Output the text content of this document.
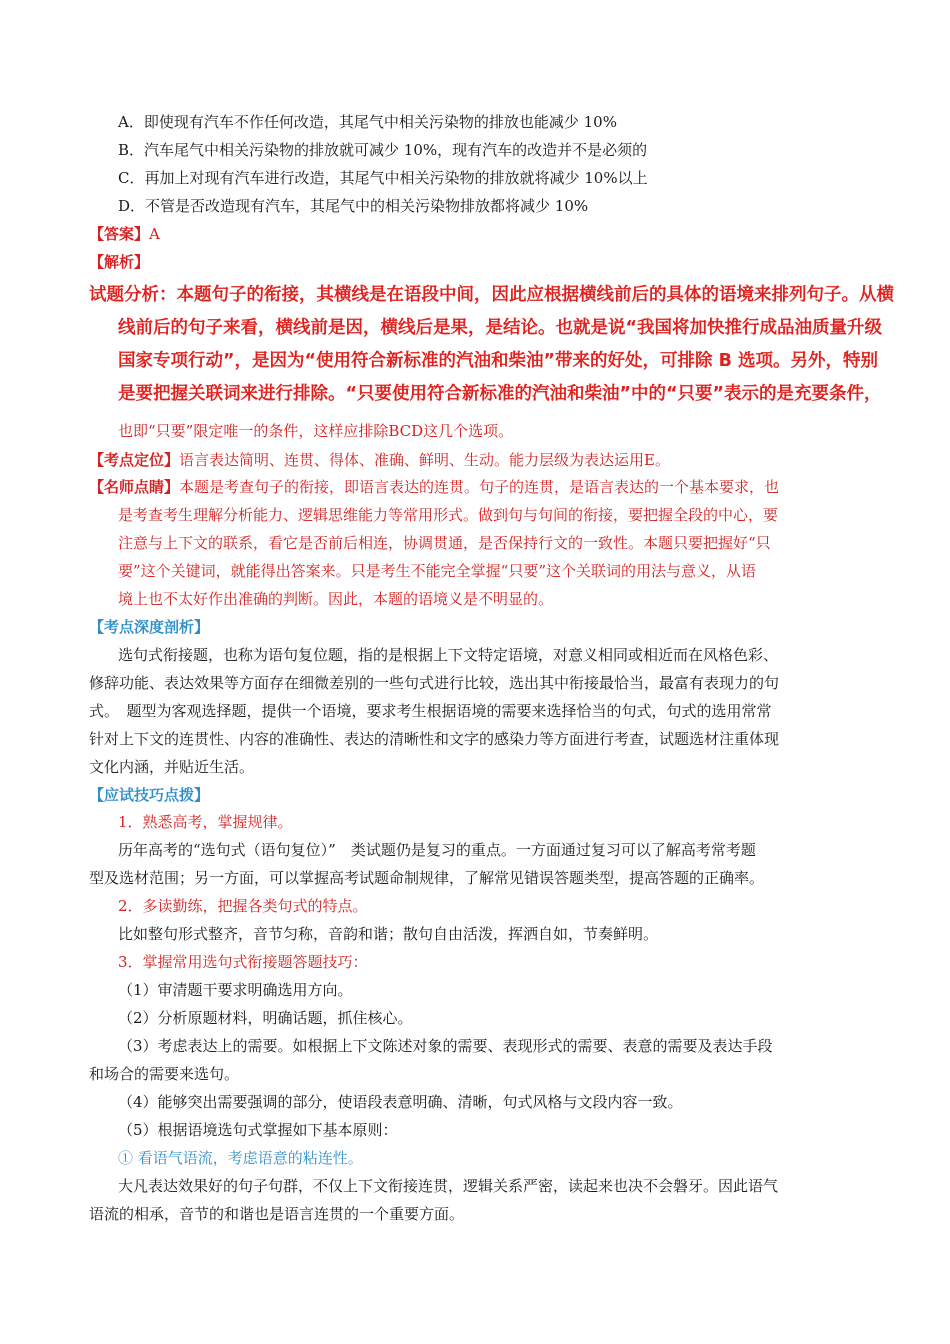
A．即使现有汽车不作任何改造，其尾气中相关污染物的排放也能减少 10%
B．汽车尾气中相关污染物的排放就可减少 10%，现有汽车的改造并不是必须的
C．再加上对现有汽车进行改造，其尾气中相关污染物的排放就将减少 10%以上
D．不管是否改造现有汽车，其尾气中的相关污染物排放都将减少 10%
【答案】A
【解析】
试题分析：本题句子的衔接，其横线是在语段中间，因此应根据横线前后的具体的语境来排列句子。从横
线前后的句子来看，横线前是因，横线后是果，是结论。也就是说“我国将加快推行成品油质量升级
国家专项行动”，是因为“使用符合新标准的汽油和柴油”带来的好处，可排除 B 选项。另外，特别
是要把握关联词来进行排除。“只要使用符合新标准的汽油和柴油”中的“只要”表示的是充要条件，
也即“只要”限定唯一的条件，这样应排除BCD这几个选项。
【考点定位】语言表达简明、连贯、得体、准确、鲜明、生动。能力层级为表达运用E。
【名师点睛】本题是考查句子的衔接，即语言表达的连贯。句子的连贯，是语言表达的一个基本要求，也
是考查考生理解分析能力、逻辑思维能力等常用形式。做到句与句间的衔接，要把握全段的中心，要
注意与上下文的联系，看它是否前后相连，协调贯通，是否保持行文的一致性。本题只要把握好“只
要”这个关键词，就能得出答案来。只是考生不能完全掌握“只要”这个关联词的用法与意义，从语
境上也不太好作出准确的判断。因此，本题的语境义是不明显的。
【考点深度剖析】
选句式衔接题，也称为语句复位题，指的是根据上下文特定语境，对意义相同或相近而在风格色彩、
修辞功能、表达效果等方面存在细微差别的一些句式进行比较，选出其中衔接最恰当，最富有表现力的句
式。　题型为客观选择题，提供一个语境，要求考生根据语境的需要来选择恰当的句式，句式的选用常常
针对上下文的连贯性、内容的准确性、表达的清晰性和文字的感染力等方面进行考查，试题选材注重体现
文化内涵，并贴近生活。
【应试技巧点拨】
1．熟悉高考，掌握规律。
历年高考的“选句式（语句复位）”　类试题仍是复习的重点。一方面通过复习可以了解高考常考题
型及选材范围；另一方面，可以掌握高考试题命制规律，了解常见错误答题类型，提高答题的正确率。
2．多读勤练，把握各类句式的特点。
比如整句形式整齐，音节匀称，音韵和谐；散句自由活泼，挥洒自如，节奏鲜明。
3．掌握常用选句式衔接题答题技巧：
（1）审清题干要求明确选用方向。
（2）分析原题材料，明确话题，抓住核心。
（3）考虑表达上的需要。如根据上下文陈述对象的需要、表现形式的需要、表意的需要及表达手段
和场合的需要来选句。
（4）能够突出需要强调的部分，使语段表意明确、清晰，句式风格与文段内容一致。
（5）根据语境选句式掌握如下基本原则：
① 看语气语流，考虑语意的粘连性。
大凡表达效果好的句子句群，不仅上下文衔接连贯，逻辑关系严密，读起来也决不会磐牙。因此语气
语流的相承，音节的和谐也是语言连贯的一个重要方面。
